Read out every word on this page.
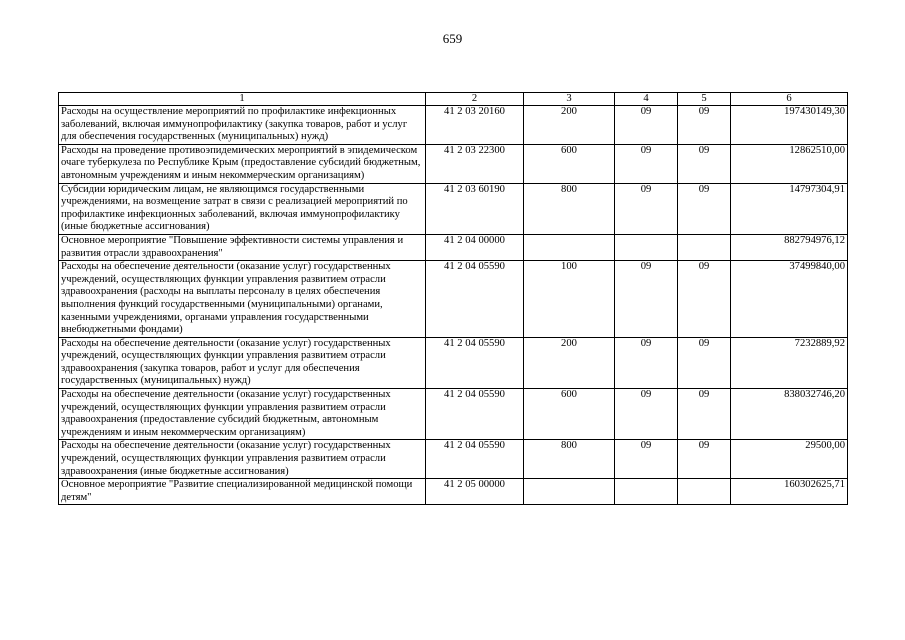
659
1	2	3	4	5	6
Расходы на осуществление мероприятий по профилактике инфекционных заболеваний, включая иммунопрофилактику (закупка товаров, работ и услуг для обеспечения государственных (муниципальных) нужд)	41 2 03 20160	200	09	09	197430149,30
Расходы на проведение противоэпидемических мероприятий в эпидемическом очаге туберкулеза по Республике Крым (предоставление субсидий бюджетным, автономным учреждениям и иным некоммерческим организациям)	41 2 03 22300	600	09	09	12862510,00
Субсидии юридическим лицам, не являющимся государственными учреждениями, на возмещение затрат в связи с реализацией мероприятий по профилактике инфекционных заболеваний, включая иммунопрофилактику (иные бюджетные ассигнования)	41 2 03 60190	800	09	09	14797304,91
Основное мероприятие "Повышение эффективности системы управления и развития отрасли здравоохранения"	41 2 04 00000				882794976,12
Расходы на обеспечение деятельности (оказание услуг) государственных учреждений, осуществляющих функции управления развитием отрасли здравоохранения (расходы на выплаты персоналу в целях обеспечения выполнения функций государственными (муниципальными) органами, казенными учреждениями, органами управления государственными внебюджетными фондами)	41 2 04 05590	100	09	09	37499840,00
Расходы на обеспечение деятельности (оказание услуг) государственных учреждений, осуществляющих функции управления развитием отрасли здравоохранения (закупка товаров, работ и услуг для обеспечения государственных (муниципальных) нужд)	41 2 04 05590	200	09	09	7232889,92
Расходы на обеспечение деятельности (оказание услуг) государственных учреждений, осуществляющих функции управления развитием отрасли здравоохранения (предоставление субсидий бюджетным, автономным учреждениям и иным некоммерческим организациям)	41 2 04 05590	600	09	09	838032746,20
Расходы на обеспечение деятельности (оказание услуг) государственных учреждений, осуществляющих функции управления развитием отрасли здравоохранения (иные бюджетные ассигнования)	41 2 04 05590	800	09	09	29500,00
Основное мероприятие "Развитие специализированной медицинской помощи детям"	41 2 05 00000				160302625,71
